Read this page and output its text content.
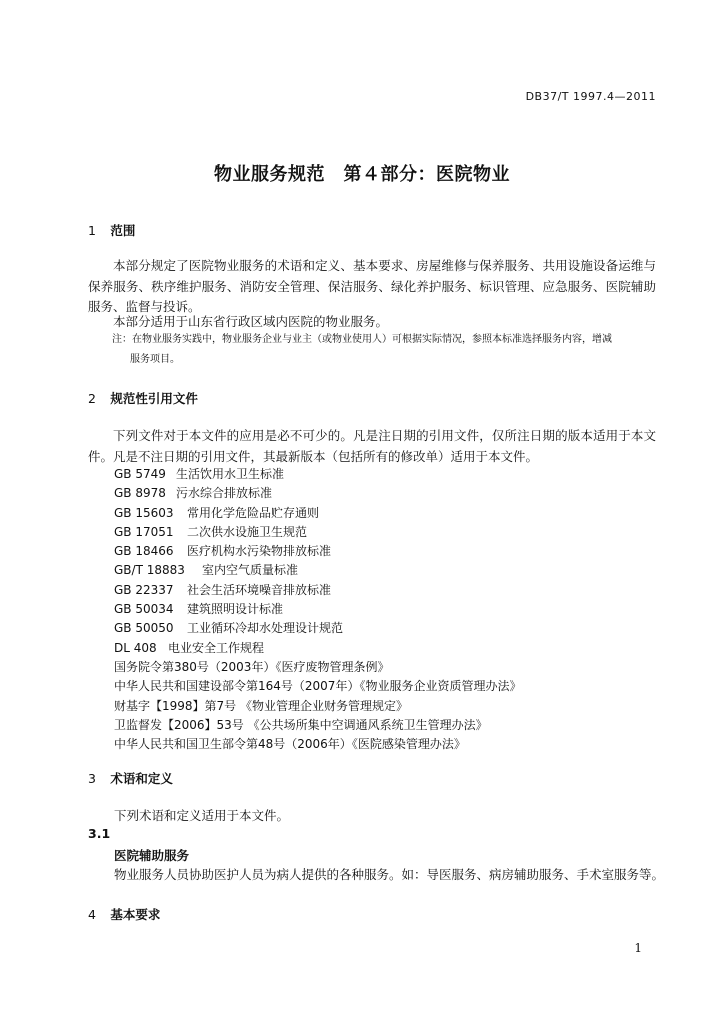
DB37/T 1997.4—2011
物业服务规范　第４部分：医院物业
1 范围
本部分规定了医院物业服务的术语和定义、基本要求、房屋维修与保养服务、共用设施设备运维与保养服务、秩序维护服务、消防安全管理、保洁服务、绿化养护服务、标识管理、应急服务、医院辅助服务、监督与投诉。
本部分适用于山东省行政区域内医院的物业服务。
注：在物业服务实践中，物业服务企业与业主（或物业使用人）可根据实际情况，参照本标准选择服务内容，增减
服务项目。
2 规范性引用文件
下列文件对于本文件的应用是必不可少的。凡是注日期的引用文件，仅所注日期的版本适用于本文件。凡是不注日期的引用文件，其最新版本（包括所有的修改单）适用于本文件。
GB 5749 生活饮用水卫生标准
GB 8978 污水综合排放标准
GB 15603 常用化学危险品贮存通则
GB 17051 二次供水设施卫生规范
GB 18466 医疗机构水污染物排放标准
GB/T 18883 室内空气质量标准
GB 22337 社会生活环境噪音排放标准
GB 50034 建筑照明设计标准
GB 50050 工业循环冷却水处理设计规范
DL 408 电业安全工作规程
国务院令第380号（2003年）《医疗废物管理条例》
中华人民共和国建设部令第164号（2007年）《物业服务企业资质管理办法》
财基字【1998】第7号 《物业管理企业财务管理规定》
卫监督发【2006】53号 《公共场所集中空调通风系统卫生管理办法》
中华人民共和国卫生部令第48号（2006年）《医院感染管理办法》
3 术语和定义
下列术语和定义适用于本文件。
3.1
医院辅助服务
物业服务人员协助医护人员为病人提供的各种服务。如：导医服务、病房辅助服务、手术室服务等。
4 基本要求
1
